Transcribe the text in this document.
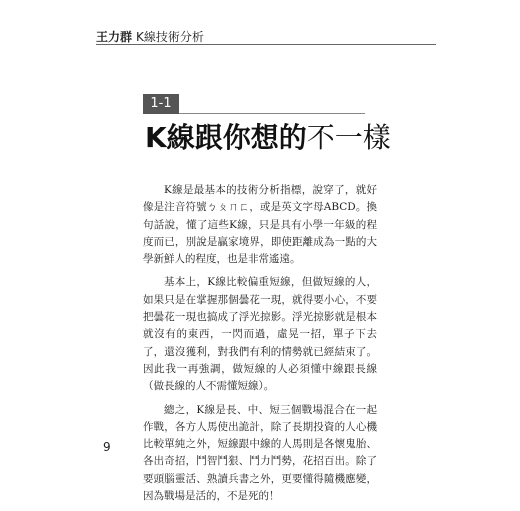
王力群 K線技術分析
1-1
K線跟你想的不一樣

K線是最基本的技術分析指標，說穿了，就好像是注音符號ㄅㄆㄇㄈ，或是英文字母ABCD。換句話說，懂了這些K線，只是具有小學一年級的程度而已，別說是贏家境界，即使距離成為一點的大學新鮮人的程度，也是非常遙遠。

基本上，K線比較偏重短線，但做短線的人，如果只是在掌握那個曇花一現，就得要小心，不要把曇花一現也搞成了浮光掠影。浮光掠影就是根本就沒有的東西，一閃而過，虛晃一招，單子下去了，還沒獲利，對我們有利的情勢就已經結束了。因此我一再強調，做短線的人必須懂中線跟長線（做長線的人不需懂短線）。

總之，K線是長、中、短三個戰場混合在一起作戰，各方人馬使出詭計，除了長期投資的人心機比較單純之外，短線跟中線的人馬則是各懷鬼胎、各出奇招，鬥智鬥狠、鬥力鬥勢，花招百出。除了要頭腦靈活、熟讀兵書之外，更要懂得隨機應變，因為戰場是活的，不是死的！

9
